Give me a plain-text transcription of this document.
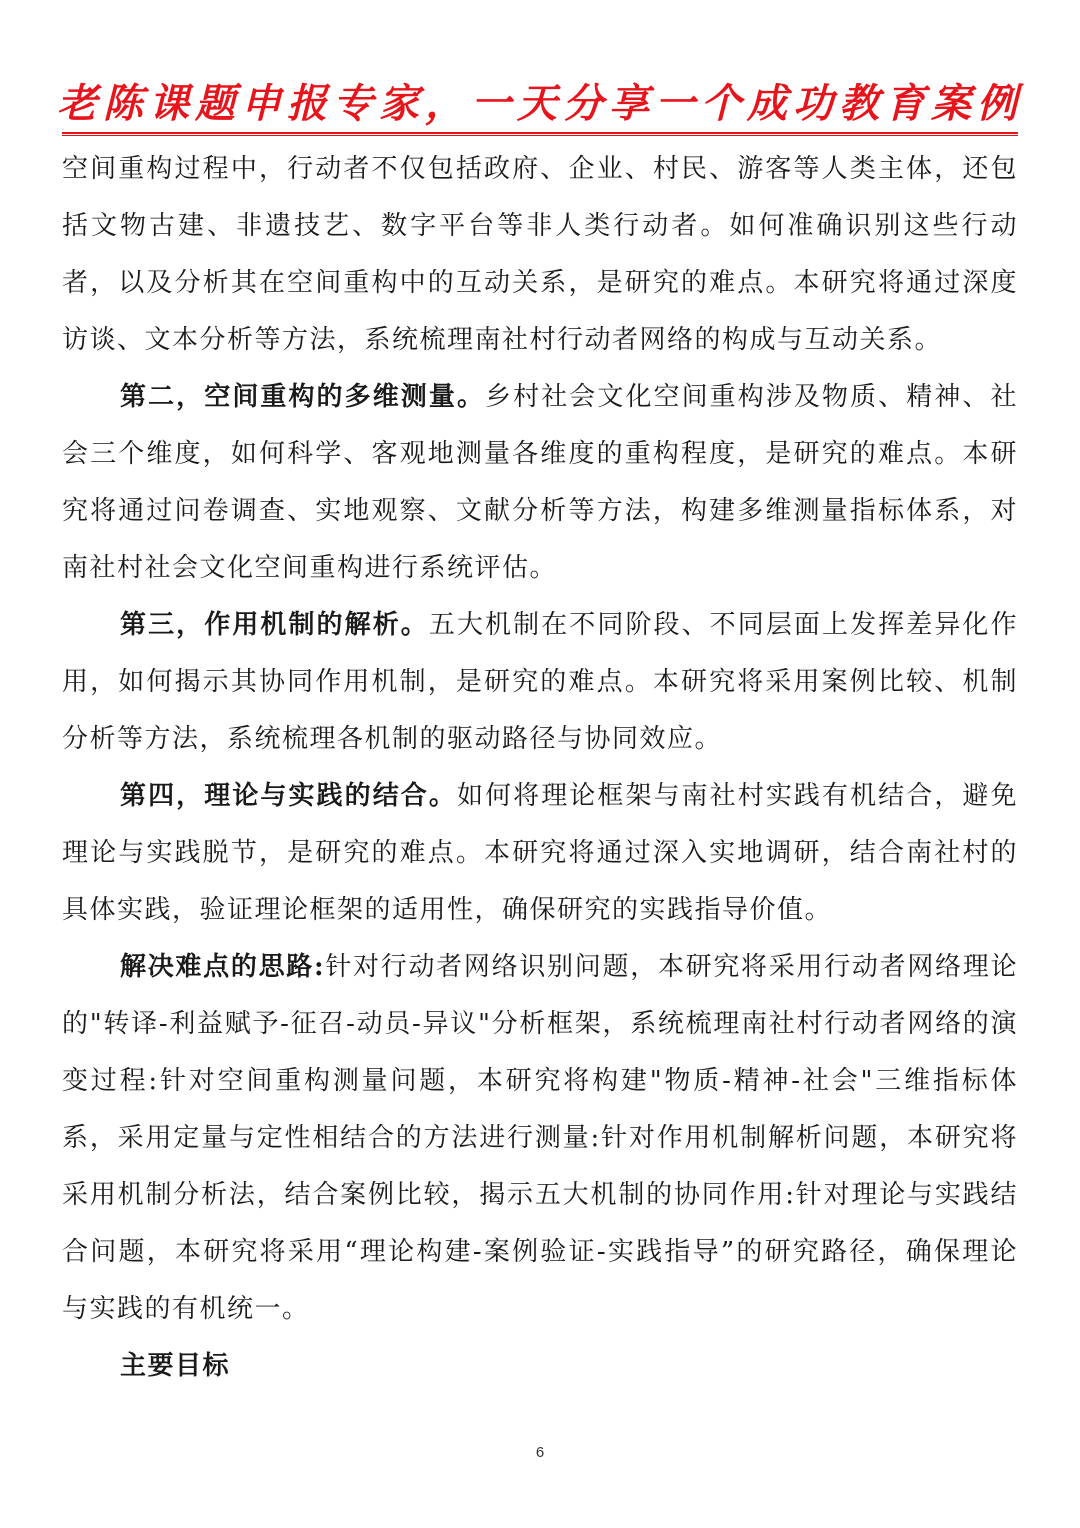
老陈课题申报专家，一天分享一个成功教育案例

空间重构过程中，行动者不仅包括政府、企业、村民、游客等人类主体，还包括文物古建、非遗技艺、数字平台等非人类行动者。如何准确识别这些行动者，以及分析其在空间重构中的互动关系，是研究的难点。本研究将通过深度访谈、文本分析等方法，系统梳理南社村行动者网络的构成与互动关系。

第二，空间重构的多维测量。乡村社会文化空间重构涉及物质、精神、社会三个维度，如何科学、客观地测量各维度的重构程度，是研究的难点。本研究将通过问卷调查、实地观察、文献分析等方法，构建多维测量指标体系，对南社村社会文化空间重构进行系统评估。

第三，作用机制的解析。五大机制在不同阶段、不同层面上发挥差异化作用，如何揭示其协同作用机制，是研究的难点。本研究将采用案例比较、机制分析等方法，系统梳理各机制的驱动路径与协同效应。

第四，理论与实践的结合。如何将理论框架与南社村实践有机结合，避免理论与实践脱节，是研究的难点。本研究将通过深入实地调研，结合南社村的具体实践，验证理论框架的适用性，确保研究的实践指导价值。

解决难点的思路:针对行动者网络识别问题，本研究将采用行动者网络理论的"转译-利益赋予-征召-动员-异议"分析框架，系统梳理南社村行动者网络的演变过程:针对空间重构测量问题，本研究将构建"物质-精神-社会"三维指标体系，采用定量与定性相结合的方法进行测量:针对作用机制解析问题，本研究将采用机制分析法，结合案例比较，揭示五大机制的协同作用:针对理论与实践结合问题，本研究将采用“理论构建-案例验证-实践指导”的研究路径，确保理论与实践的有机统一。

主要目标

6
